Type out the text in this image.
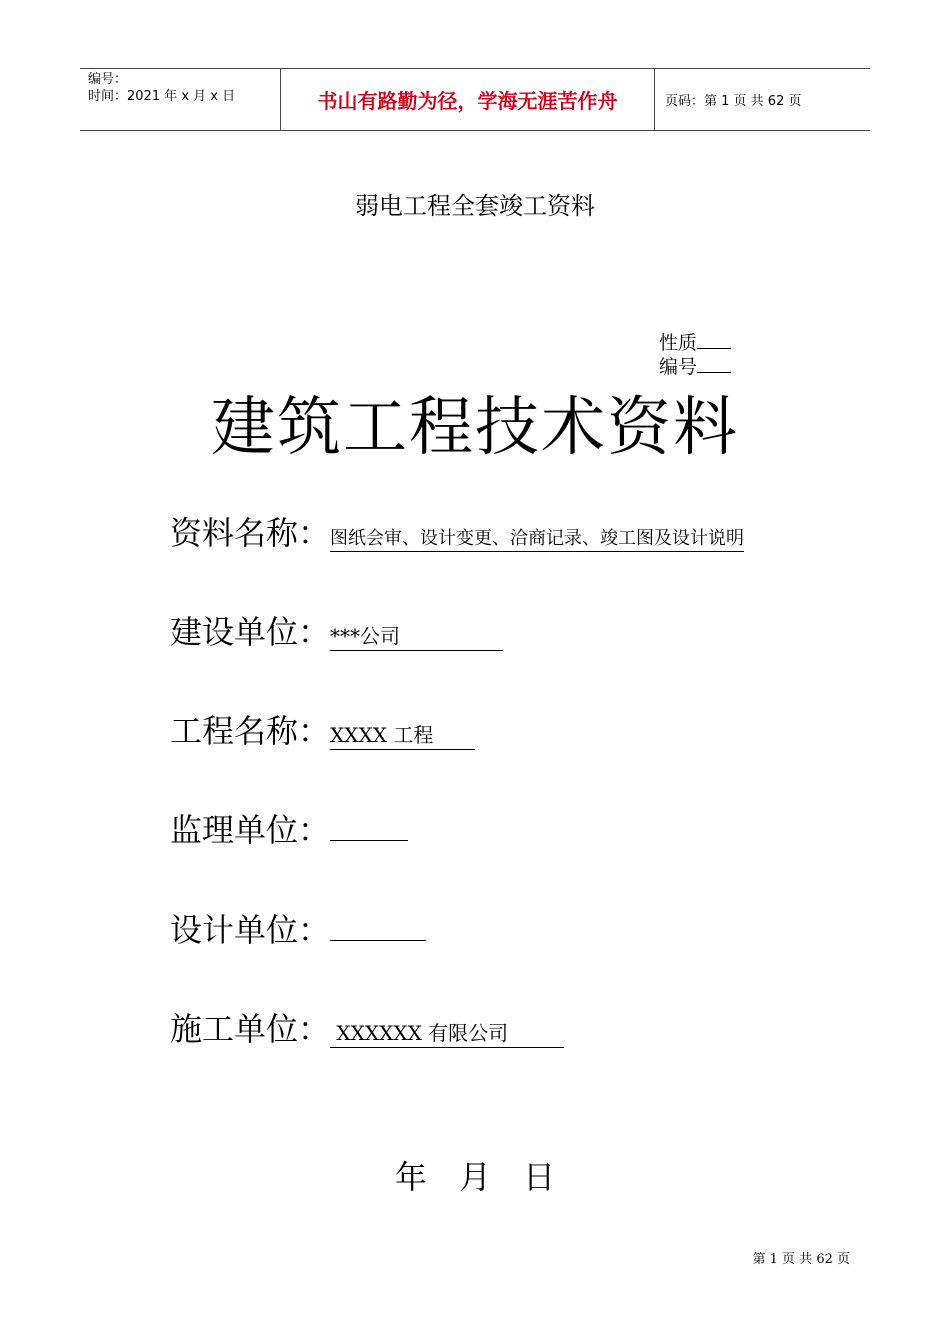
编号：
时间：2021 年 x 月 x 日	书山有路勤为径，学海无涯苦作舟	页码：第 1 页 共 62 页
弱电工程全套竣工资料
性质
编号
建筑工程技术资料
资料名称： 图纸会审、设计变更、洽商记录、竣工图及设计说明
建设单位： ***公司
工程名称： XXXX 工程
监理单位：
设计单位：
施工单位： XXXXXX 有限公司
年 月 日
第 1 页 共 62 页
